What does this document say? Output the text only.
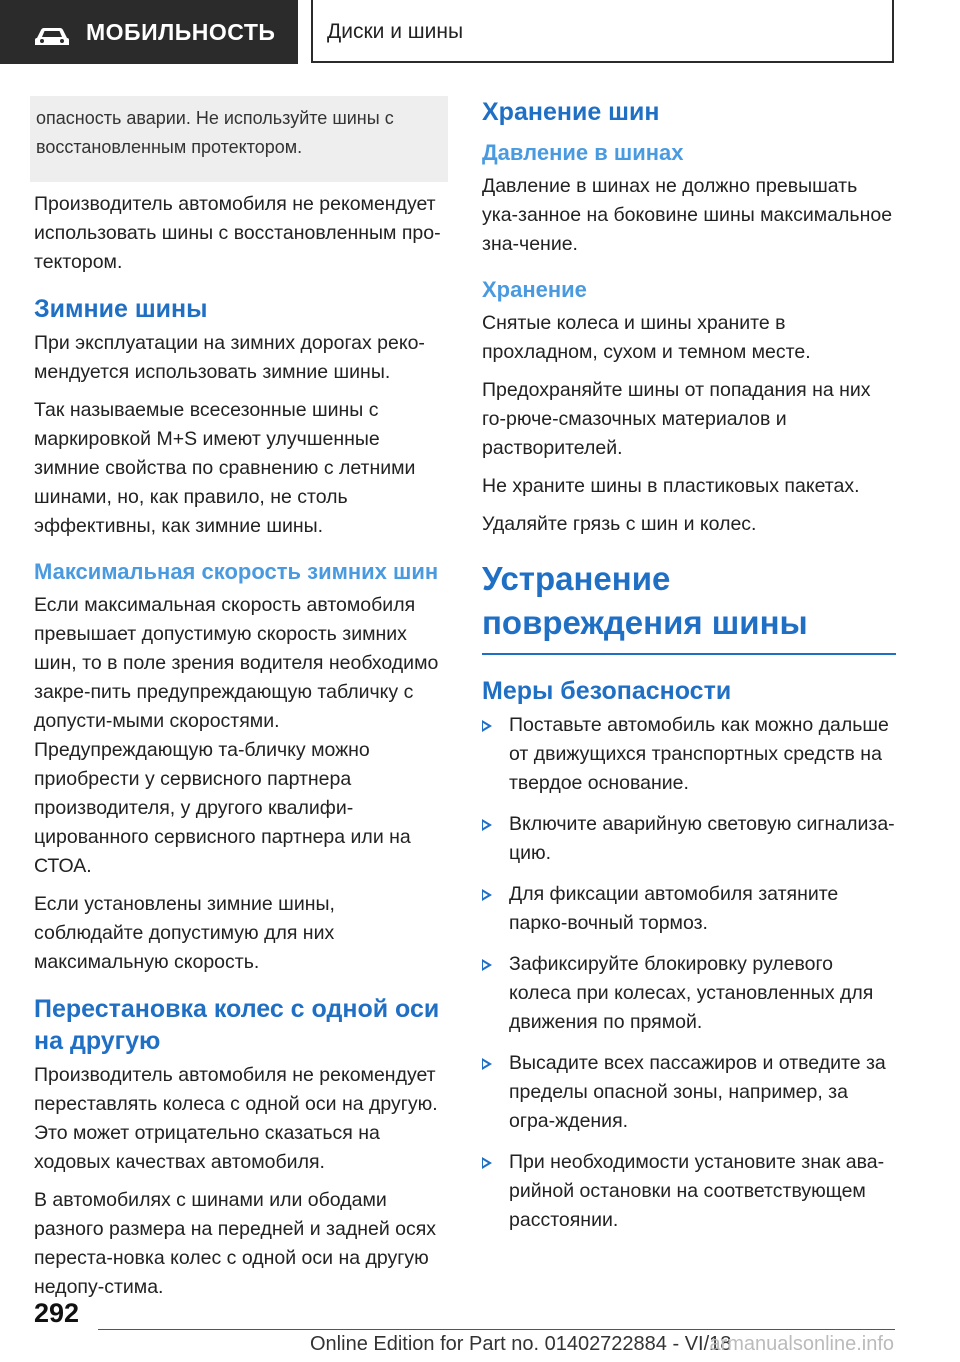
МОБИЛЬНОСТЬ Диски и шины
опасность аварии. Не используйте шины с восстановленным протектором.

Производитель автомобиля не рекомендует использовать шины с восстановленным про-тектором.

Зимние шины

При эксплуатации на зимних дорогах реко-мендуется использовать зимние шины.

Так называемые всесезонные шины с маркировкой M+S имеют улучшенные зимние свойства по сравнению с летними шинами, но, как правило, не столь эффективны, как зимние шины.

Максимальная скорость зимних шин

Если максимальная скорость автомобиля превышает допустимую скорость зимних шин, то в поле зрения водителя необходимо закре-пить предупреждающую табличку с допусти-мыми скоростями. Предупреждающую та-бличку можно приобрести у сервисного партнера производителя, у другого квалифи-цированного сервисного партнера или на СТОА.

Если установлены зимние шины, соблюдайте допустимую для них максимальную скорость.

Перестановка колес с одной оси на другую

Производитель автомобиля не рекомендует переставлять колеса с одной оси на другую. Это может отрицательно сказаться на ходовых качествах автомобиля.

В автомобилях с шинами или ободами разного размера на передней и задней осях переста-новка колес с одной оси на другую недопу-стима.

Хранение шин
Давление в шинах

Давление в шинах не должно превышать ука-занное на боковине шины максимальное зна-чение.

Хранение

Снятые колеса и шины храните в прохладном, сухом и темном месте.

Предохраняйте шины от попадания на них го-рюче-смазочных материалов и растворителей.

Не храните шины в пластиковых пакетах.

Удаляйте грязь с шин и колес.

Устранение повреждения шины
Меры безопасности
Поставьте автомобиль как можно дальше от движущихся транспортных средств на твердое основание.
Включите аварийную световую сигнализа-цию.
Для фиксации автомобиля затяните парко-вочный тормоз.
Зафиксируйте блокировку рулевого колеса при колесах, установленных для движения по прямой.
Высадите всех пассажиров и отведите за пределы опасной зоны, например, за огра-ждения.
При необходимости установите знак ава-рийной остановки на соответствующем расстоянии.
292
Online Edition for Part no. 01402722884 - VI/18
armanualsonline.info
